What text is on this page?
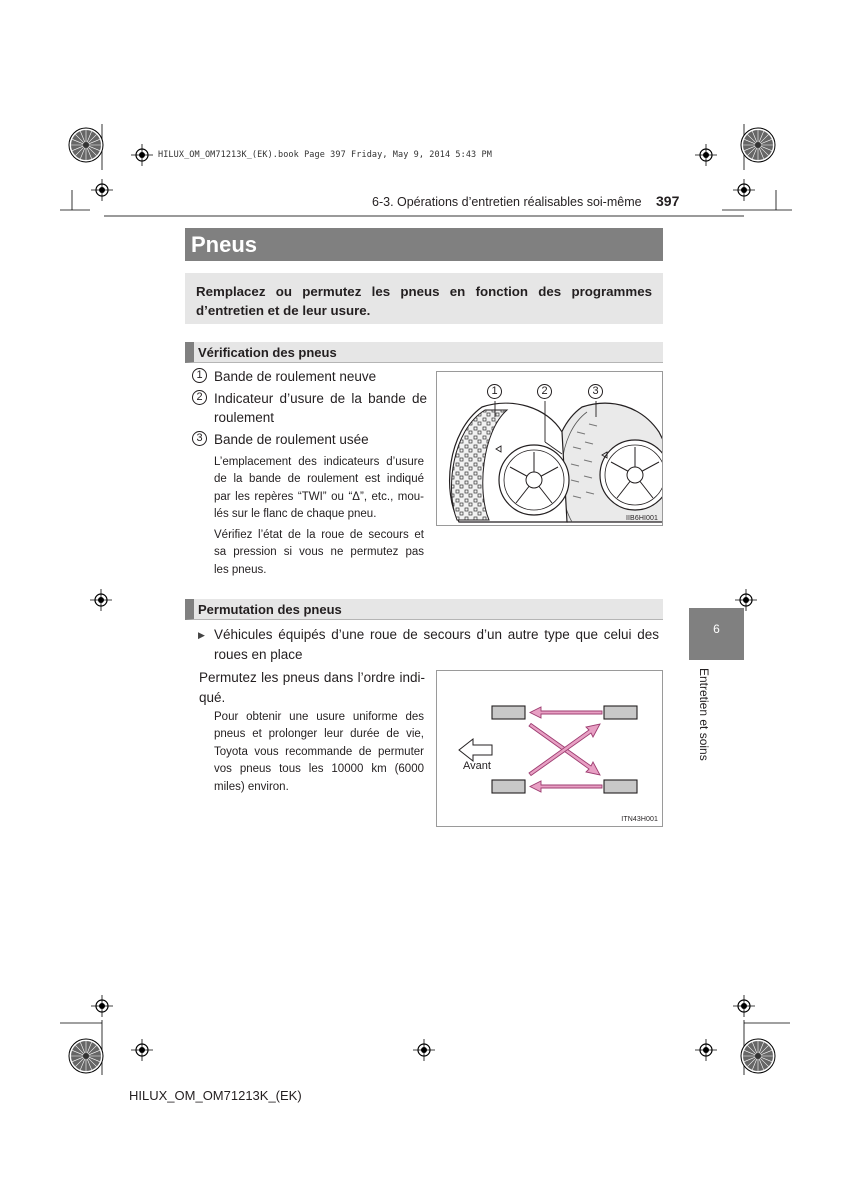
HILUX_OM_OM71213K_(EK).book Page 397 Friday, May 9, 2014 5:43 PM
6-3. Opérations d’entretien réalisables soi-même 397
Pneus
Remplacez ou permutez les pneus en fonction des programmes
d’entretien et de leur usure.
Vérification des pneus
1 Bande de roulement neuve
2 Indicateur d’usure de la bande de
roulement
3 Bande de roulement usée
L’emplacement des indicateurs d’usure
de la bande de roulement est indiqué
par les repères “TWI” ou “Δ”, etc., mou-
lés sur le flanc de chaque pneu.
Vérifiez l’état de la roue de secours et
sa pression si vous ne permutez pas
les pneus.
1	2	3
IIB6HI001
Permutation des pneus
▶ Véhicules équipés d’une roue de secours d’un autre type que celui des
roues en place
Permutez les pneus dans l’ordre indi-
qué.
Pour obtenir une usure uniforme des
pneus et prolonger leur durée de vie,
Toyota vous recommande de permuter
vos pneus tous les 10000 km (6000
miles) environ.
Avant
ITN43H001
6
Entretien et soins
HILUX_OM_OM71213K_(EK)
